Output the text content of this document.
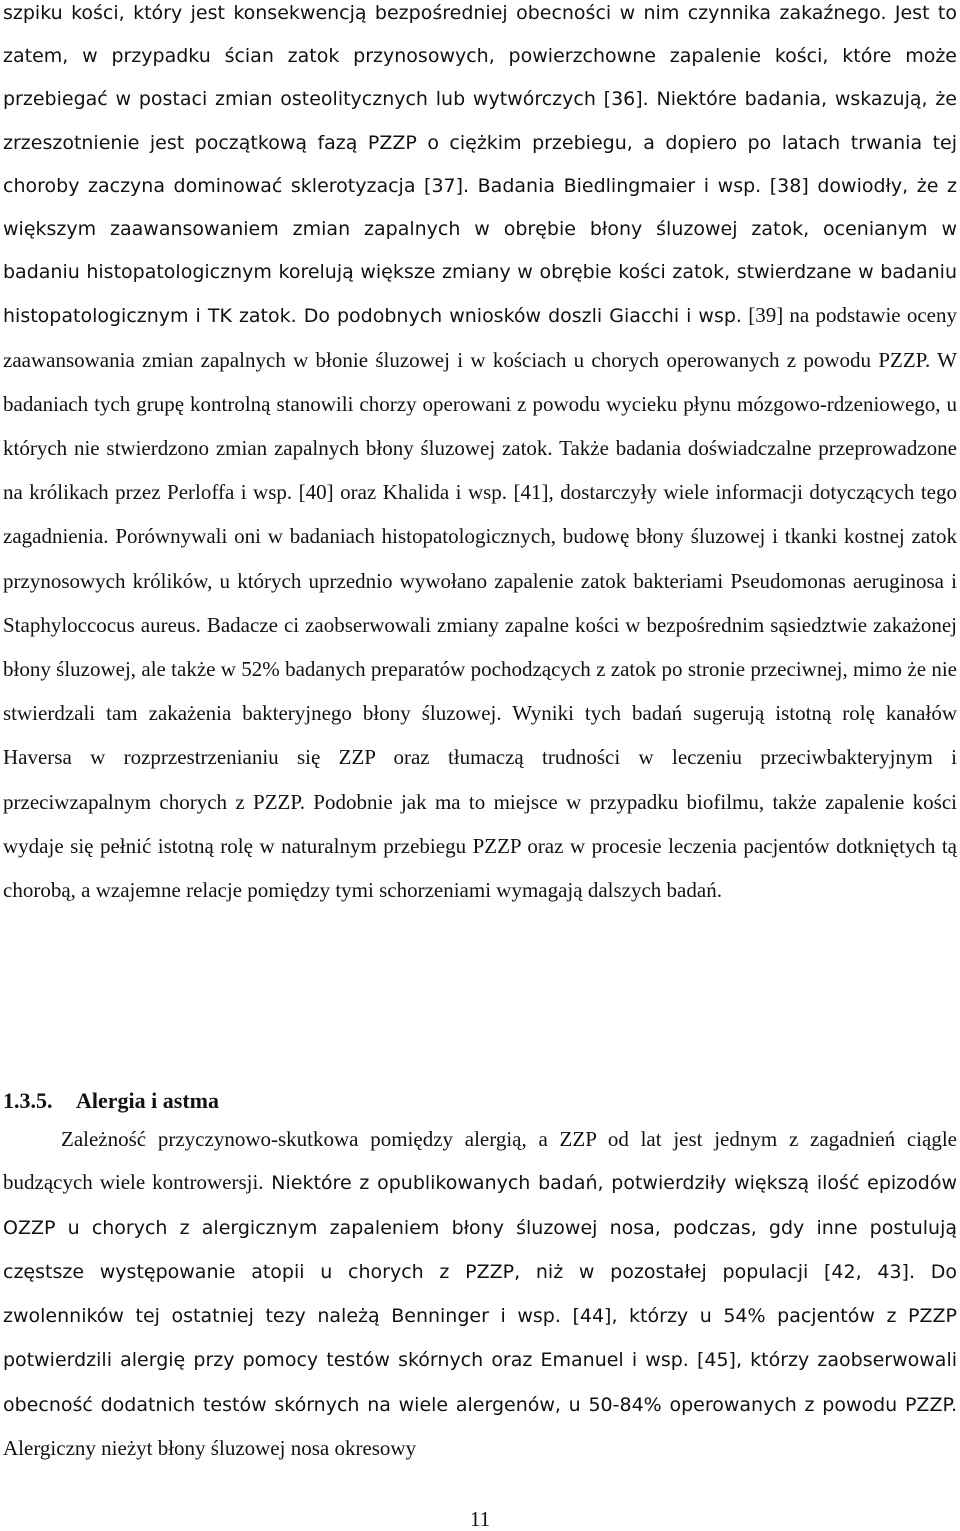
szpiku kości, który jest konsekwencją bezpośredniej obecności w nim czynnika zakaźnego. Jest to zatem, w przypadku ścian zatok przynosowych, powierzchowne zapalenie kości, które może przebiegać w postaci zmian osteolitycznych lub wytwórczych [36]. Niektóre badania, wskazują, że zrzeszotnienie jest początkową fazą PZZP o ciężkim przebiegu, a dopiero po latach trwania tej choroby zaczyna dominować sklerotyzacja [37]. Badania Biedlingmaier i wsp. [38] dowiodły, że z większym zaawansowaniem zmian zapalnych w obrębie błony śluzowej zatok, ocenianym w badaniu histopatologicznym korelują większe zmiany w obrębie kości zatok, stwierdzane w badaniu histopatologicznym i TK zatok. Do podobnych wniosków doszli Giacchi i wsp. [39] na podstawie oceny zaawansowania zmian zapalnych w błonie śluzowej i w kościach u chorych operowanych z powodu PZZP. W badaniach tych grupę kontrolną stanowili chorzy operowani z powodu wycieku płynu mózgowo-rdzeniowego, u których nie stwierdzono zmian zapalnych błony śluzowej zatok. Także badania doświadczalne przeprowadzone na królikach przez Perloffa i wsp. [40] oraz Khalida i wsp. [41], dostarczyły wiele informacji dotyczących tego zagadnienia. Porównywali oni w badaniach histopatologicznych, budowę błony śluzowej i tkanki kostnej zatok przynosowych królików, u których uprzednio wywołano zapalenie zatok bakteriami Pseudomonas aeruginosa i Staphyloccocus aureus. Badacze ci zaobserwowali zmiany zapalne kości w bezpośrednim sąsiedztwie zakażonej błony śluzowej, ale także w 52% badanych preparatów pochodzących z zatok po stronie przeciwnej, mimo że nie stwierdzali tam zakażenia bakteryjnego błony śluzowej. Wyniki tych badań sugerują istotną rolę kanałów Haversa w rozprzestrzenianiu się ZZP oraz tłumaczą trudności w leczeniu przeciwbakteryjnym i przeciwzapalnym chorych z PZZP. Podobnie jak ma to miejsce w przypadku biofilmu, także zapalenie kości wydaje się pełnić istotną rolę w naturalnym przebiegu PZZP oraz w procesie leczenia pacjentów dotkniętych tą chorobą, a wzajemne relacje pomiędzy tymi schorzeniami wymagają dalszych badań.
1.3.5. Alergia i astma
Zależność przyczynowo-skutkowa pomiędzy alergią, a ZZP od lat jest jednym z zagadnień ciągle budzących wiele kontrowersji. Niektóre z opublikowanych badań, potwierdziły większą ilość epizodów OZZP u chorych z alergicznym zapaleniem błony śluzowej nosa, podczas, gdy inne postulują częstsze występowanie atopii u chorych z PZZP, niż w pozostałej populacji [42, 43]. Do zwolenników tej ostatniej tezy należą Benninger i wsp. [44], którzy u 54% pacjentów z PZZP potwierdzili alergię przy pomocy testów skórnych oraz Emanuel i wsp. [45], którzy zaobserwowali obecność dodatnich testów skórnych na wiele alergenów, u 50-84% operowanych z powodu PZZP. Alergiczny nieżyt błony śluzowej nosa okresowy
11
